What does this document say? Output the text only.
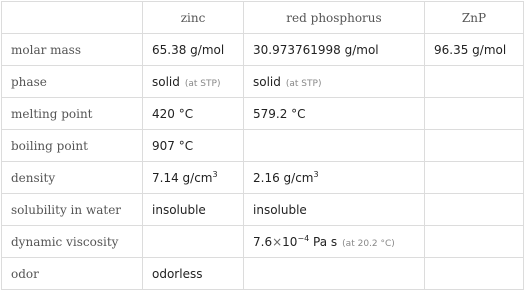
	zinc	red phosphorus	ZnP
molar mass	65.38 g/mol	30.973761998 g/mol	96.35 g/mol
phase	solid (at STP)	solid (at STP)	
melting point	420 °C	579.2 °C	
boiling point	907 °C		
density	7.14 $g/cm^3$	2.16 $g/cm^3$	
solubility in water	insoluble	insoluble	
dynamic viscosity		$7.6\times 10^{-4}$ Pa s (at 20.2 °C)	
odor	odorless		
